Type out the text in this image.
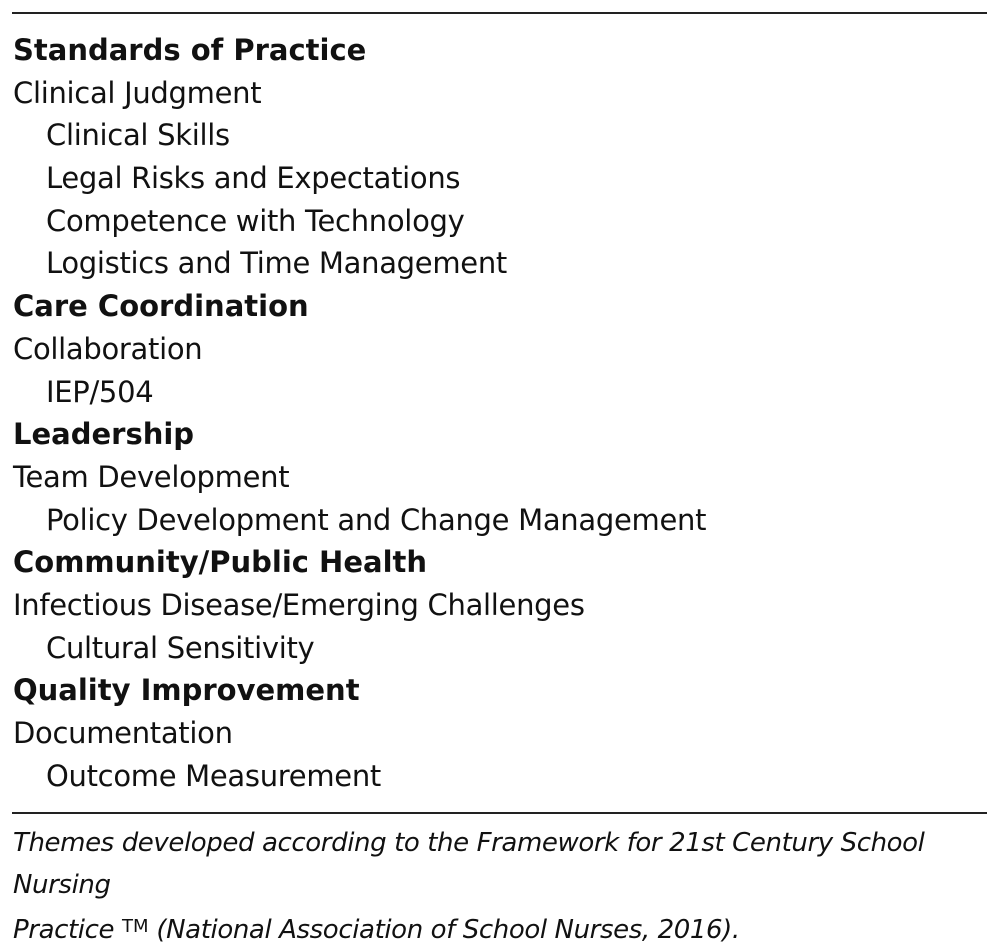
Standards of Practice
Clinical Judgment
Clinical Skills
Legal Risks and Expectations
Competence with Technology
Logistics and Time Management
Care Coordination
Collaboration
IEP/504
Leadership
Team Development
Policy Development and Change Management
Community/Public Health
Infectious Disease/Emerging Challenges
Cultural Sensitivity
Quality Improvement
Documentation
Outcome Measurement
Themes developed according to the Framework for 21st Century School Nursing
Practice ™ (National Association of School Nurses, 2016).
